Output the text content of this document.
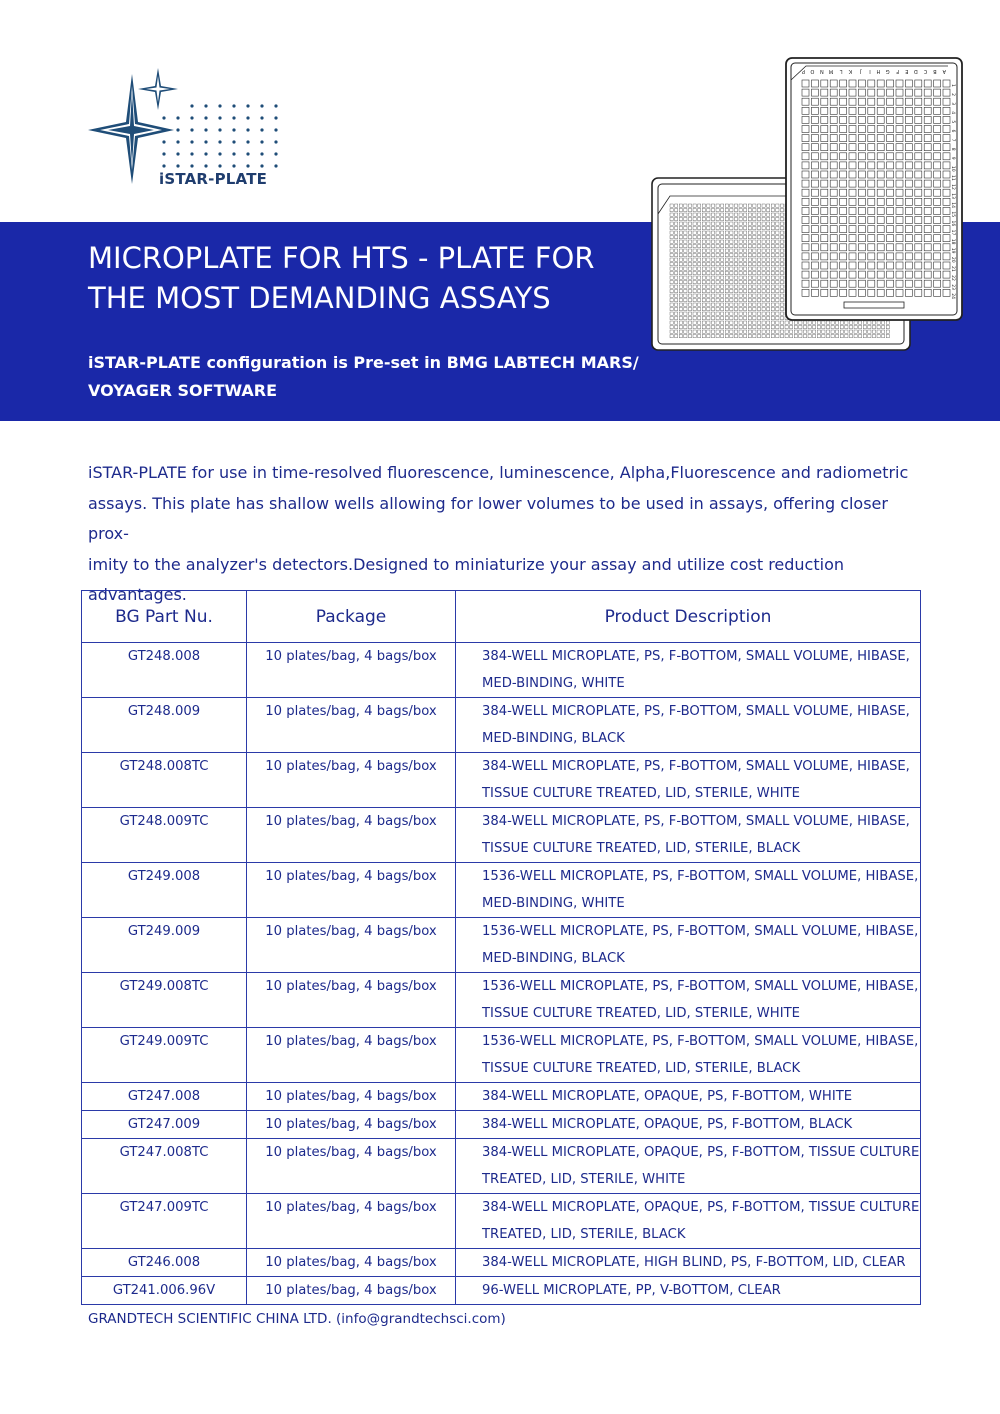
iSTAR-PLATE
MICROPLATE FOR HTS - PLATE FOR
THE MOST DEMANDING ASSAYS
iSTAR-PLATE configuration is Pre-set in BMG LABTECH MARS/
VOYAGER SOFTWARE
A
B
C
D
E
F
G
H
I
J
K
L
M
N
O
P
1
2
3
4
5
6
7
8
9
10
11
12
13
14
15
16
17
18
19
20
21
22
23
24
iSTAR-PLATE for use in time-resolved fluorescence, luminescence, Alpha,Fluorescence and radiometric
assays. This plate has shallow wells allowing for lower volumes to be used in assays, offering closer prox-
imity to the analyzer's detectors.Designed to miniaturize your assay and utilize cost reduction advantages.
BG Part Nu.	Package	Product Description
GT248.008	10 plates/bag, 4 bags/box	384-WELL MICROPLATE, PS, F-BOTTOM, SMALL VOLUME, HIBASE,
MED-BINDING, WHITE
GT248.009	10 plates/bag, 4 bags/box	384-WELL MICROPLATE, PS, F-BOTTOM, SMALL VOLUME, HIBASE,
MED-BINDING, BLACK
GT248.008TC	10 plates/bag, 4 bags/box	384-WELL MICROPLATE, PS, F-BOTTOM, SMALL VOLUME, HIBASE,
TISSUE CULTURE TREATED, LID, STERILE, WHITE
GT248.009TC	10 plates/bag, 4 bags/box	384-WELL MICROPLATE, PS, F-BOTTOM, SMALL VOLUME, HIBASE,
TISSUE CULTURE TREATED, LID, STERILE, BLACK
GT249.008	10 plates/bag, 4 bags/box	1536-WELL MICROPLATE, PS, F-BOTTOM, SMALL VOLUME, HIBASE,
MED-BINDING, WHITE
GT249.009	10 plates/bag, 4 bags/box	1536-WELL MICROPLATE, PS, F-BOTTOM, SMALL VOLUME, HIBASE,
MED-BINDING, BLACK
GT249.008TC	10 plates/bag, 4 bags/box	1536-WELL MICROPLATE, PS, F-BOTTOM, SMALL VOLUME, HIBASE,
TISSUE CULTURE TREATED, LID, STERILE, WHITE
GT249.009TC	10 plates/bag, 4 bags/box	1536-WELL MICROPLATE, PS, F-BOTTOM, SMALL VOLUME, HIBASE,
TISSUE CULTURE TREATED, LID, STERILE, BLACK
GT247.008	10 plates/bag, 4 bags/box	384-WELL MICROPLATE, OPAQUE, PS, F-BOTTOM, WHITE
GT247.009	10 plates/bag, 4 bags/box	384-WELL MICROPLATE, OPAQUE, PS, F-BOTTOM, BLACK
GT247.008TC	10 plates/bag, 4 bags/box	384-WELL MICROPLATE, OPAQUE, PS, F-BOTTOM, TISSUE CULTURE
TREATED, LID, STERILE, WHITE
GT247.009TC	10 plates/bag, 4 bags/box	384-WELL MICROPLATE, OPAQUE, PS, F-BOTTOM, TISSUE CULTURE
TREATED, LID, STERILE, BLACK
GT246.008	10 plates/bag, 4 bags/box	384-WELL MICROPLATE, HIGH BLIND, PS, F-BOTTOM, LID, CLEAR
GT241.006.96V	10 plates/bag, 4 bags/box	96-WELL MICROPLATE, PP, V-BOTTOM, CLEAR
GRANDTECH SCIENTIFIC CHINA LTD. (info@grandtechsci.com)
